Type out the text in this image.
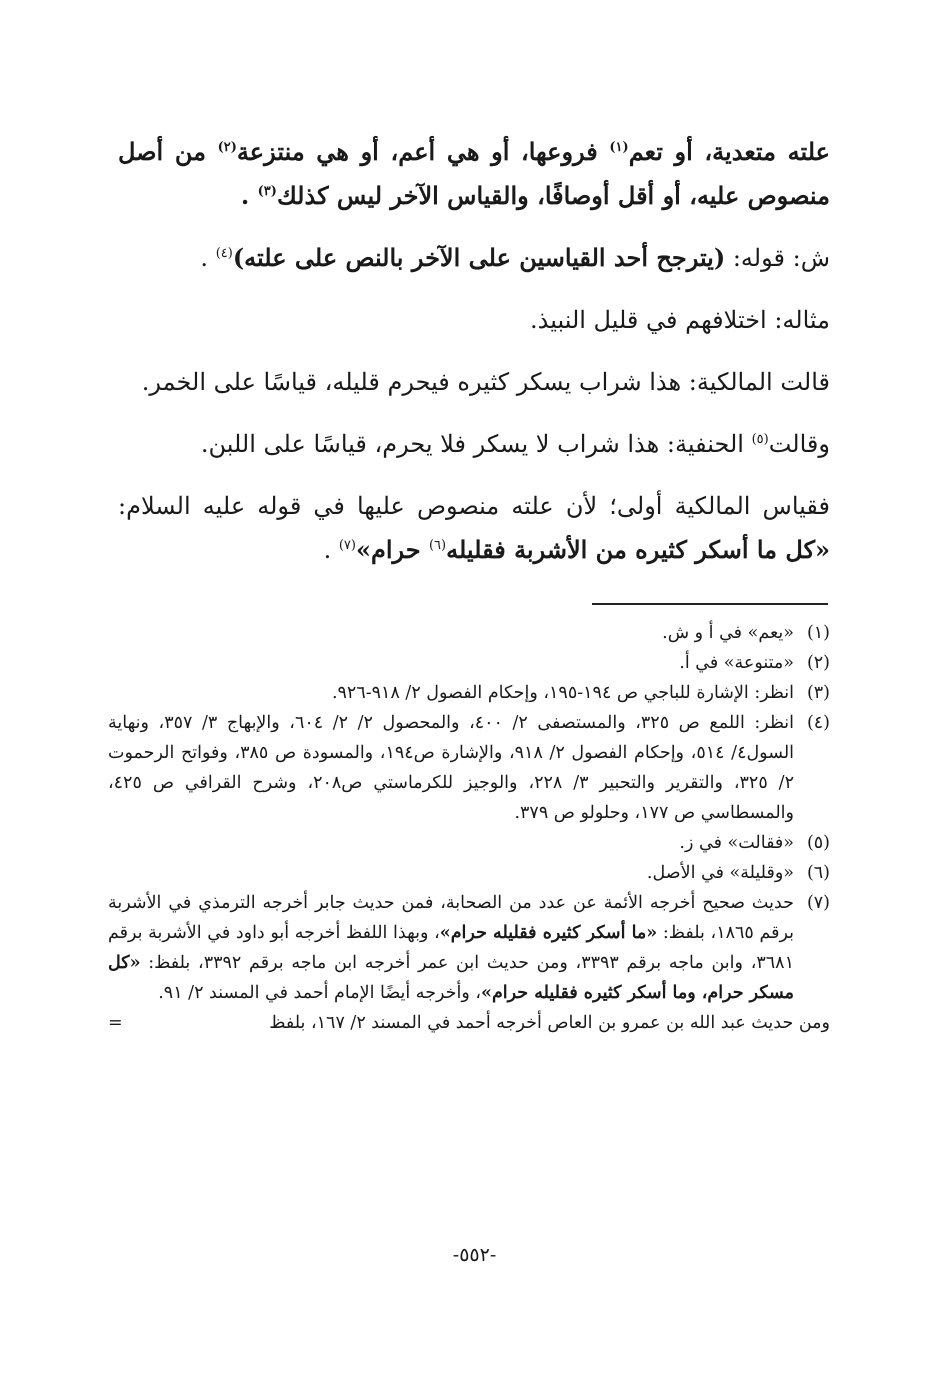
علته متعدية، أو تعم$^{(١)}$ فروعها، أو هي أعم، أو هي منتزعة$^{(٢)}$ من أصل منصوص عليه، أو أقل أوصافًا، والقياس الآخر ليس كذلك$^{(٣)}$ .

ش: قوله: (يترجح أحد القياسين على الآخر بالنص على علته)$^{(٤)}$ .

مثاله: اختلافهم في قليل النبيذ.

قالت المالكية: هذا شراب يسكر كثيره فيحرم قليله، قياسًا على الخمر.

وقالت$^{(٥)}$ الحنفية: هذا شراب لا يسكر فلا يحرم، قياسًا على اللبن.

فقياس المالكية أولى؛ لأن علته منصوص عليها في قوله عليه السلام: «كل ما أسكر كثيره من الأشربة فقليله$^{(٦)}$ حرام»$^{(٧)}$ .

(١)
«يعم» في أ و ش.
(٢)
«متنوعة» في أ.
(٣)
انظر: الإشارة للباجي ص ١٩٤-١٩٥، وإحكام الفصول ٢/ ٩١٨-٩٢٦.
(٤)
انظر: اللمع ص ٣٢٥، والمستصفى ٢/ ٤٠٠، والمحصول ٢/ ٢/ ٦٠٤، والإبهاج ٣/ ٣٥٧، ونهاية السول٤/ ٥١٤، وإحكام الفصول ٢/ ٩١٨، والإشارة ص١٩٤، والمسودة ص ٣٨٥، وفواتح الرحموت ٢/ ٣٢٥، والتقرير والتحبير ٣/ ٢٢٨، والوجيز للكرماستي ص٢٠٨، وشرح القرافي ص ٤٢٥، والمسطاسي ص ١٧٧، وحلولو ص ٣٧٩.
(٥)
«فقالت» في ز.
(٦)
«وقليلة» في الأصل.
(٧)
حديث صحيح أخرجه الأئمة عن عدد من الصحابة، فمن حديث جابر أخرجه الترمذي في الأشربة برقم ١٨٦٥، بلفظ: «ما أسكر كثيره فقليله حرام»، وبهذا اللفظ أخرجه أبو داود في الأشربة برقم ٣٦٨١، وابن ماجه برقم ٣٣٩٣، ومن حديث ابن عمر أخرجه ابن ماجه برقم ٣٣٩٢، بلفظ: «كل مسكر حرام، وما أسكر كثيره فقليله حرام»، وأخرجه أيضًا الإمام أحمد في المسند ٢/ ٩١.
ومن حديث عبد الله بن عمرو بن العاص أخرجه أحمد في المسند ٢/ ١٦٧، بلفظ
=
-٥٥٢-
